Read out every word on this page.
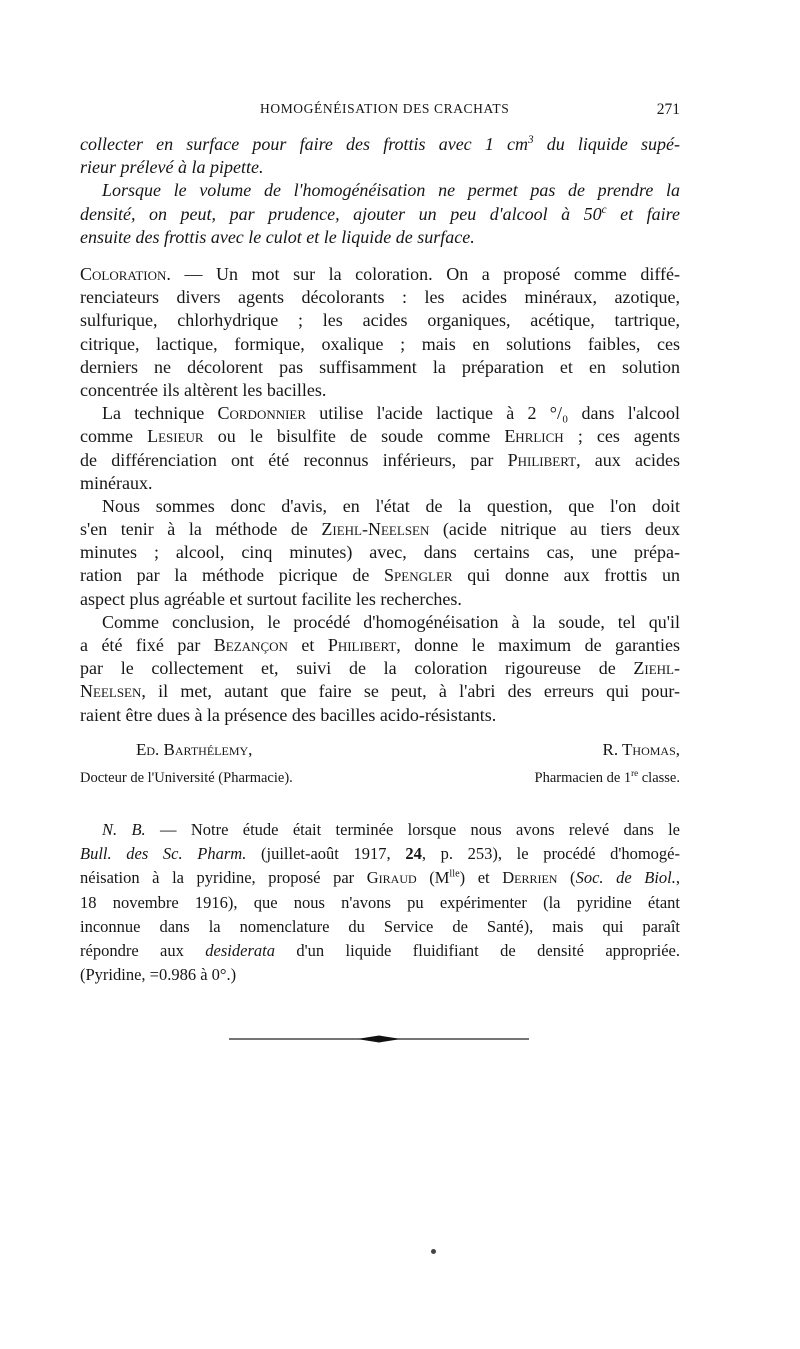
HOMOGÉNÉISATION DES CRACHATS	271
collecter en surface pour faire des frottis avec 1 $cm^3$ du liquide supé-
rieur prélevé à la pipette.
Lorsque le volume de l'homogénéisation ne permet pas de prendre la
densité, on peut, par prudence, ajouter un peu d'alcool à 50$^c$ et faire
ensuite des frottis avec le culot et le liquide de surface.
Coloration. — Un mot sur la coloration. On a proposé comme diffé-
renciateurs divers agents décolorants : les acides minéraux, azotique,
sulfurique, chlorhydrique ; les acides organiques, acétique, tartrique,
citrique, lactique, formique, oxalique ; mais en solutions faibles, ces
derniers ne décolorent pas suffisamment la préparation et en solution
concentrée ils altèrent les bacilles.
La technique Cordonnier utilise l'acide lactique à 2 °/₀ dans l'alcool
comme Lesieur ou le bisulfite de soude comme Ehrlich ; ces agents
de différenciation ont été reconnus inférieurs, par Philibert, aux acides
minéraux.
Nous sommes donc d'avis, en l'état de la question, que l'on doit
s'en tenir à la méthode de Ziehl-Neelsen (acide nitrique au tiers deux
minutes ; alcool, cinq minutes) avec, dans certains cas, une prépa-
ration par la méthode picrique de Spengler qui donne aux frottis un
aspect plus agréable et surtout facilite les recherches.
Comme conclusion, le procédé d'homogénéisation à la soude, tel qu'il
a été fixé par Bezançon et Philibert, donne le maximum de garanties
par le collectement et, suivi de la coloration rigoureuse de Ziehl-
Neelsen, il met, autant que faire se peut, à l'abri des erreurs qui pour-
raient être dues à la présence des bacilles acido-résistants.
Ed. Barthélemy,
Docteur de l'Université (Pharmacie).
R. Thomas,
Pharmacien de 1re classe.
N. B. — Notre étude était terminée lorsque nous avons relevé dans le
Bull. des Sc. Pharm. (juillet-août 1917, 24, p. 253), le procédé d'homogé-
néisation à la pyridine, proposé par Giraud $(M^{lle})$ et Derrien (Soc. de Biol.,
18 novembre 1916), que nous n'avons pu expérimenter (la pyridine étant
inconnue dans la nomenclature du Service de Santé), mais qui paraît
répondre aux desiderata d'un liquide fluidifiant de densité appropriée.
(Pyridine, =0.986 à 0°.)
